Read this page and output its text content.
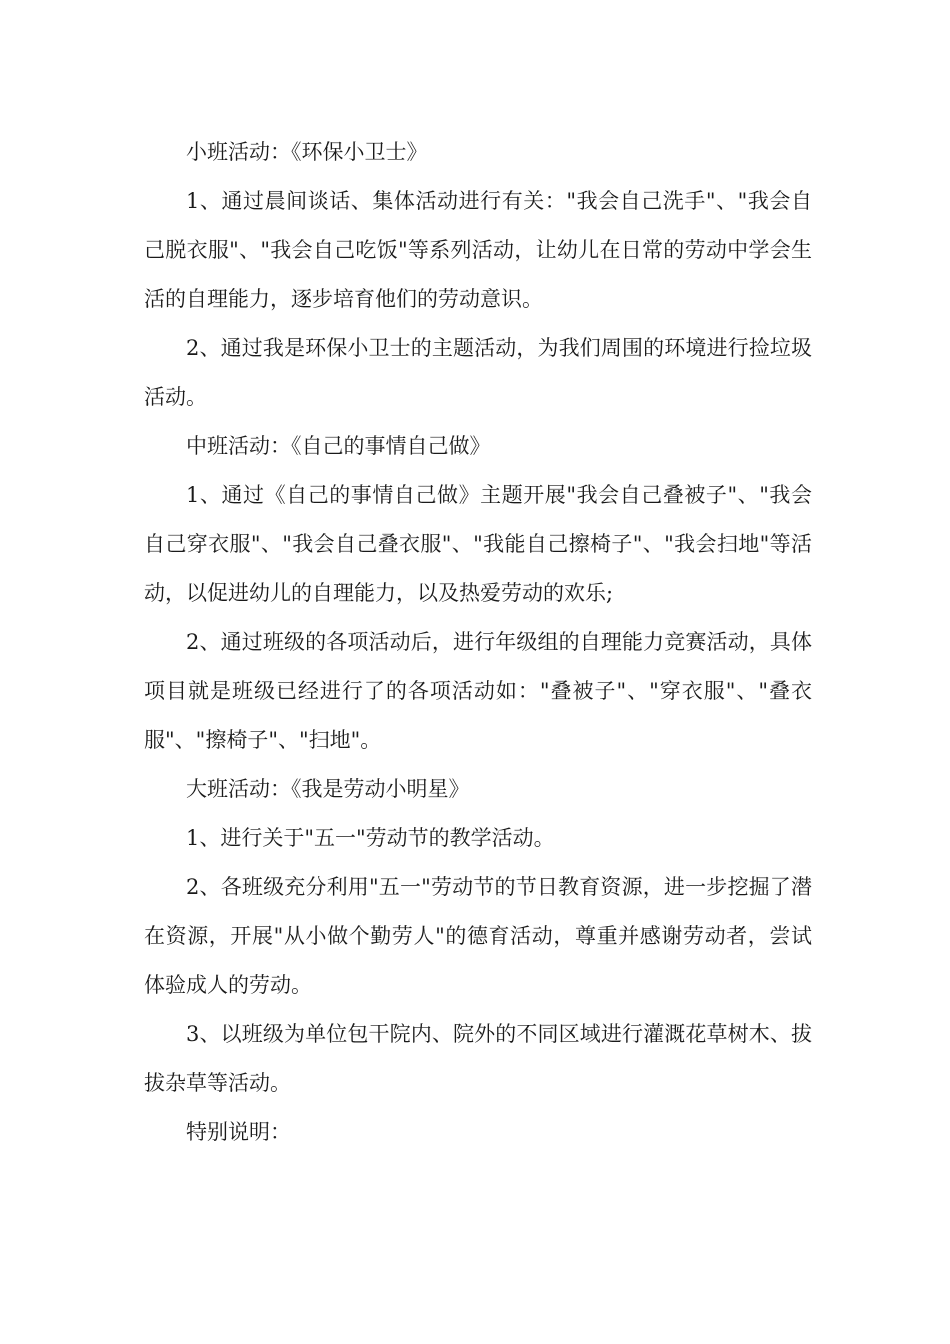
小班活动：《环保小卫士》

1、通过晨间谈话、集体活动进行有关："我会自己洗手"、"我会自己脱衣服"、"我会自己吃饭"等系列活动，让幼儿在日常的劳动中学会生活的自理能力，逐步培育他们的劳动意识。

2、通过我是环保小卫士的主题活动，为我们周围的环境进行捡垃圾活动。

中班活动：《自己的事情自己做》

1、通过《自己的事情自己做》主题开展"我会自己叠被子"、"我会自己穿衣服"、"我会自己叠衣服"、"我能自己擦椅子"、"我会扫地"等活动，以促进幼儿的自理能力，以及热爱劳动的欢乐;

2、通过班级的各项活动后，进行年级组的自理能力竞赛活动，具体项目就是班级已经进行了的各项活动如："叠被子"、"穿衣服"、"叠衣服"、"擦椅子"、"扫地"。

大班活动：《我是劳动小明星》

1、进行关于"五一"劳动节的教学活动。

2、各班级充分利用"五一"劳动节的节日教育资源，进一步挖掘了潜在资源，开展"从小做个勤劳人"的德育活动，尊重并感谢劳动者，尝试体验成人的劳动。

3、以班级为单位包干院内、院外的不同区域进行灌溉花草树木、拔拔杂草等活动。

特别说明：
